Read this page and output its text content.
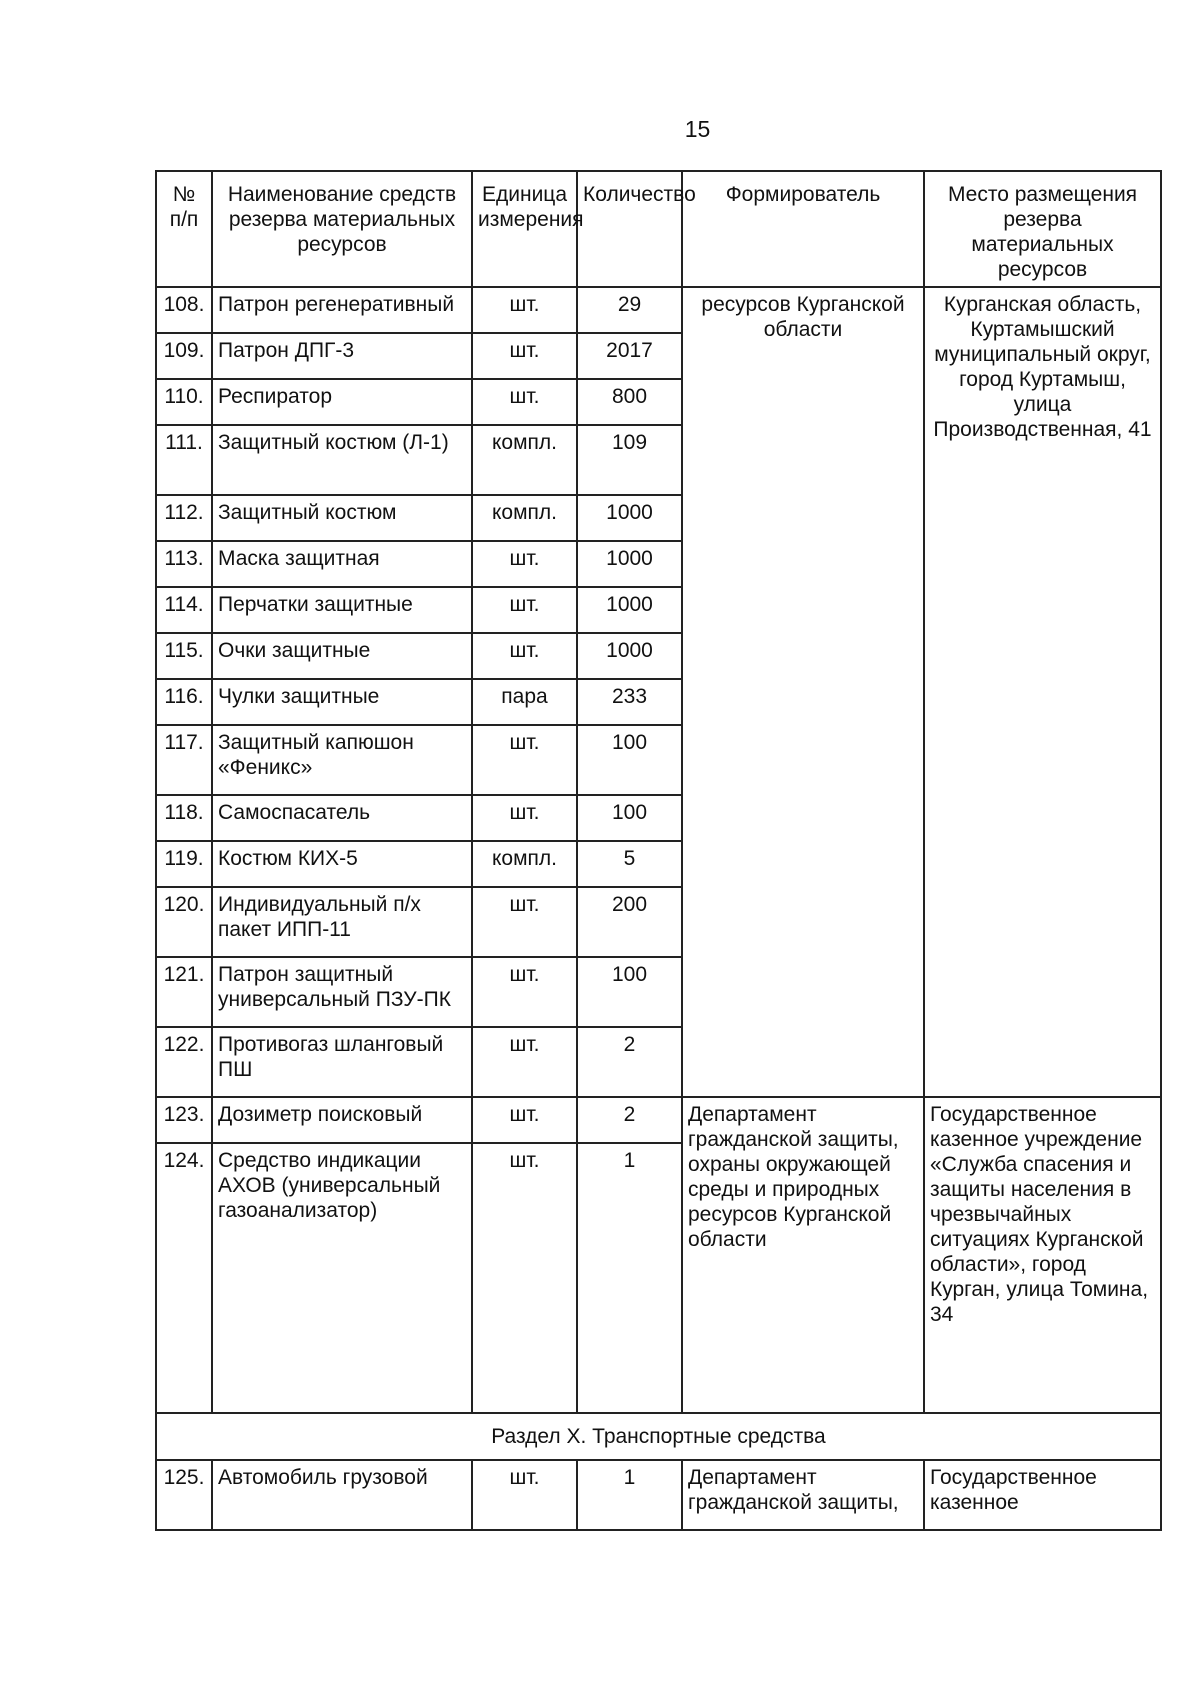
15
№ п/п	Наименование средств резерва материальных ресурсов	Единица измерения	Количество	Формирователь	Место размещения резерва материальных ресурсов
108.	Патрон регенеративный	шт.	29	ресурсов Курганской области	Курганская область, Куртамышский муниципальный округ, город Куртамыш, улица Производственная, 41
109.	Патрон ДПГ-3	шт.	2017		
110.	Респиратор	шт.	800		
111.	Защитный костюм (Л-1)	компл.	109		
112.	Защитный костюм	компл.	1000		
113.	Маска защитная	шт.	1000		
114.	Перчатки защитные	шт.	1000		
115.	Очки защитные	шт.	1000		
116.	Чулки защитные	пара	233		
117.	Защитный капюшон «Феникс»	шт.	100		
118.	Самоспасатель	шт.	100		
119.	Костюм КИХ-5	компл.	5		
120.	Индивидуальный п/х пакет ИПП-11	шт.	200		
121.	Патрон защитный универсальный ПЗУ-ПК	шт.	100		
122.	Противогаз шланговый ПШ	шт.	2		
123.	Дозиметр поисковый	шт.	2	Департамент гражданской защиты, охраны окружающей среды и природных ресурсов Курганской области	Государственное казенное учреждение «Служба спасения и защиты населения в чрезвычайных ситуациях Курганской области», город Курган, улица Томина, 34
124.	Средство индикации АХОВ (универсальный газоанализатор)	шт.	1		
Раздел X. Транспортные средства					
125.	Автомобиль грузовой	шт.	1	Департамент гражданской защиты,	Государственное казенное
